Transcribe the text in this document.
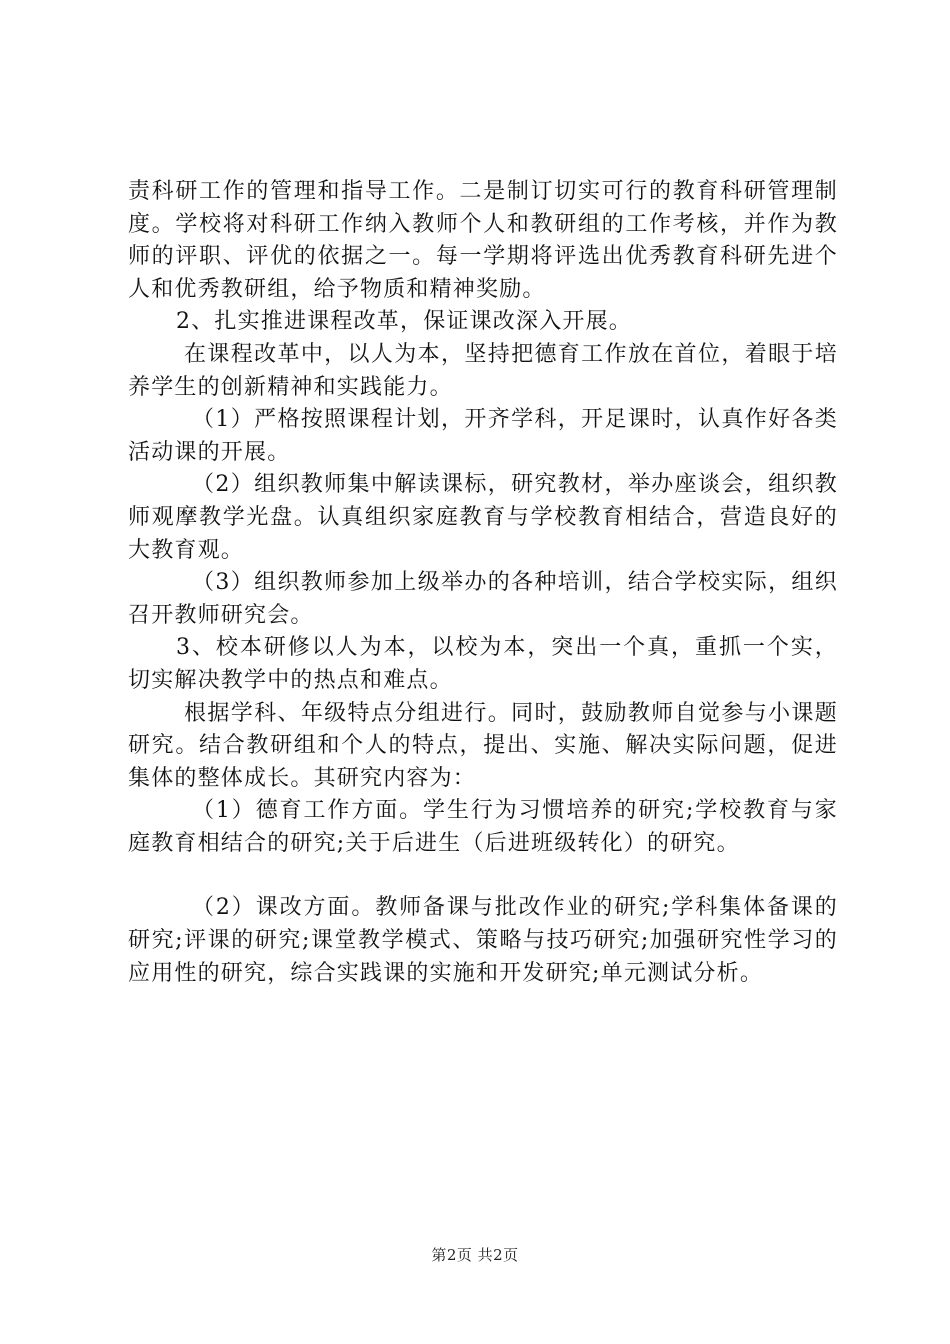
责科研工作的管理和指导工作。二是制订切实可行的教育科研管理制度。学校将对科研工作纳入教师个人和教研组的工作考核，并作为教师的评职、评优的依据之一。每一学期将评选出优秀教育科研先进个人和优秀教研组，给予物质和精神奖励。

2、扎实推进课程改革，保证课改深入开展。

在课程改革中，以人为本，坚持把德育工作放在首位，着眼于培养学生的创新精神和实践能力。

（1）严格按照课程计划，开齐学科，开足课时，认真作好各类活动课的开展。

（2）组织教师集中解读课标，研究教材，举办座谈会，组织教师观摩教学光盘。认真组织家庭教育与学校教育相结合，营造良好的大教育观。

（3）组织教师参加上级举办的各种培训，结合学校实际，组织召开教师研究会。

3、校本研修以人为本，以校为本，突出一个真，重抓一个实，切实解决教学中的热点和难点。

根据学科、年级特点分组进行。同时，鼓励教师自觉参与小课题研究。结合教研组和个人的特点，提出、实施、解决实际问题，促进集体的整体成长。其研究内容为：

（1）德育工作方面。学生行为习惯培养的研究;学校教育与家庭教育相结合的研究;关于后进生（后进班级转化）的研究。

（2）课改方面。教师备课与批改作业的研究;学科集体备课的研究;评课的研究;课堂教学模式、策略与技巧研究;加强研究性学习的应用性的研究，综合实践课的实施和开发研究;单元测试分析。

第2页 共2页
